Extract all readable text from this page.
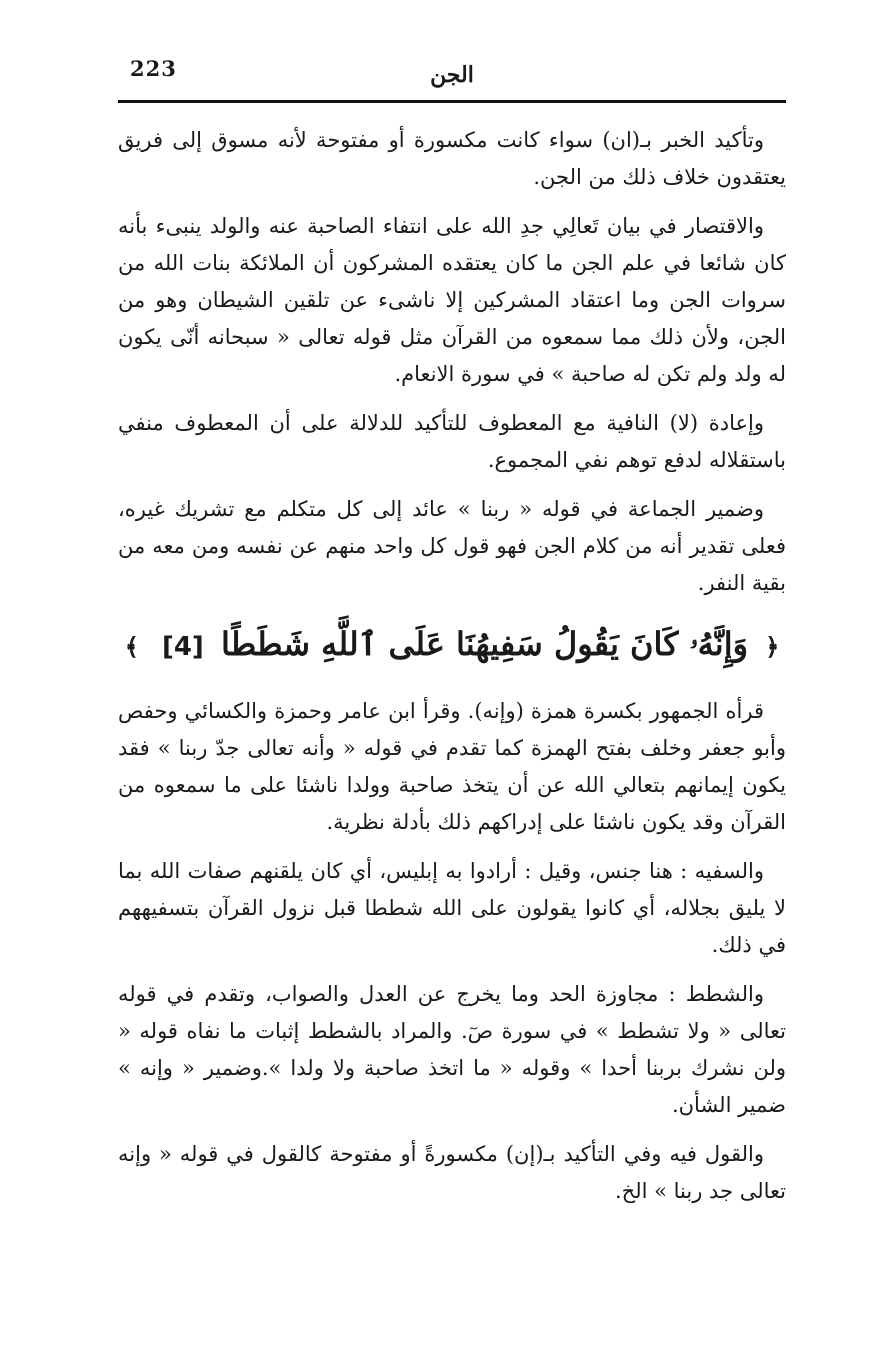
223	الجن

وتأكيد الخبر بـ(ان) سواء كانت مكسورة أو مفتوحة لأنه مسوق إلى فريق يعتقدون خلاف ذلك من الجن.

والاقتصار في بيان تَعالِي جدِ الله على انتفاء الصاحبة عنه والولد ينبىء بأنه كان شائعا في علم الجن ما كان يعتقده المشركون أن الملائكة بنات الله من سروات الجن وما اعتقاد المشركين إلا ناشىء عن تلقين الشيطان وهو من الجن، ولأن ذلك مما سمعوه من القرآن مثل قوله تعالى « سبحانه أنّى يكون له ولد ولم تكن له صاحبة » في سورة الانعام.

وإعادة (لا) النافية مع المعطوف للتأكيد للدلالة على أن المعطوف منفي باستقلاله لدفع توهم نفي المجموع.

وضمير الجماعة في قوله « ربنا » عائد إلى كل متكلم مع تشريك غيره، فعلى تقدير أنه من كلام الجن فهو قول كل واحد منهم عن نفسه ومن معه من بقية النفر.

﴿ وَإِنَّهُۥ كَانَ يَقُولُ سَفِيهُنَا عَلَى ٱللَّهِ شَطَطًا [4] ﴾

قرأه الجمهور بكسرة همزة (وإنه). وقرأ ابن عامر وحمزة والكسائي وحفص وأبو جعفر وخلف بفتح الهمزة كما تقدم في قوله « وأنه تعالى جدّ ربنا » فقد يكون إيمانهم بتعالي الله عن أن يتخذ صاحبة وولدا ناشئا على ما سمعوه من القرآن وقد يكون ناشئا على إدراكهم ذلك بأدلة نظرية.

والسفيه : هنا جنس، وقيل : أرادوا به إبليس، أي كان يلقنهم صفات الله بما لا يليق بجلاله، أي كانوا يقولون على الله شططا قبل نزول القرآن بتسفيههم في ذلك.

والشطط : مجاوزة الحد وما يخرج عن العدل والصواب، وتقدم في قوله تعالى « ولا تشطط » في سورة صٓ. والمراد بالشطط إثبات ما نفاه قوله « ولن نشرك بربنا أحدا » وقوله « ما اتخذ صاحبة ولا ولدا ».وضمير « وإنه » ضمير الشأن.

والقول فيه وفي التأكيد بـ(إن) مكسورةً أو مفتوحة كالقول في قوله « وإنه تعالى جد ربنا » الخ.
